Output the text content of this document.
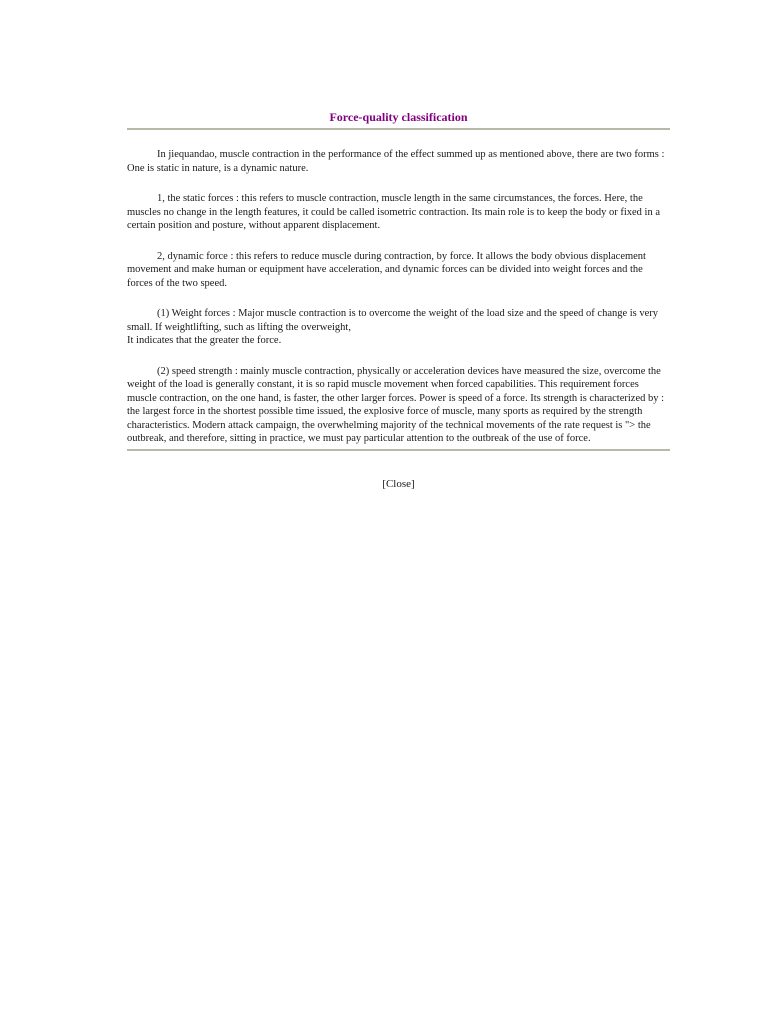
Force-quality classification

In jiequandao, muscle contraction in the performance of the effect summed up as mentioned above, there are two forms : One is static in nature, is a dynamic nature.

1, the static forces : this refers to muscle contraction, muscle length in the same circumstances, the forces. Here, the muscles no change in the length features, it could be called isometric contraction. Its main role is to keep the body or fixed in a certain position and posture, without apparent displacement.

2, dynamic force : this refers to reduce muscle during contraction, by force. It allows the body obvious displacement movement and make human or equipment have acceleration, and dynamic forces can be divided into weight forces and the forces of the two speed.

(1) Weight forces : Major muscle contraction is to overcome the weight of the load size and the speed of change is very small. If weightlifting, such as lifting the overweight,
It indicates that the greater the force.

(2) speed strength : mainly muscle contraction, physically or acceleration devices have measured the size, overcome the weight of the load is generally constant, it is so rapid muscle movement when forced capabilities. This requirement forces muscle contraction, on the one hand, is faster, the other larger forces. Power is speed of a force. Its strength is characterized by : the largest force in the shortest possible time issued, the explosive force of muscle, many sports as required by the strength characteristics. Modern attack campaign, the overwhelming majority of the technical movements of the rate request is "> the outbreak, and therefore, sitting in practice, we must pay particular attention to the outbreak of the use of force.

[Close]
